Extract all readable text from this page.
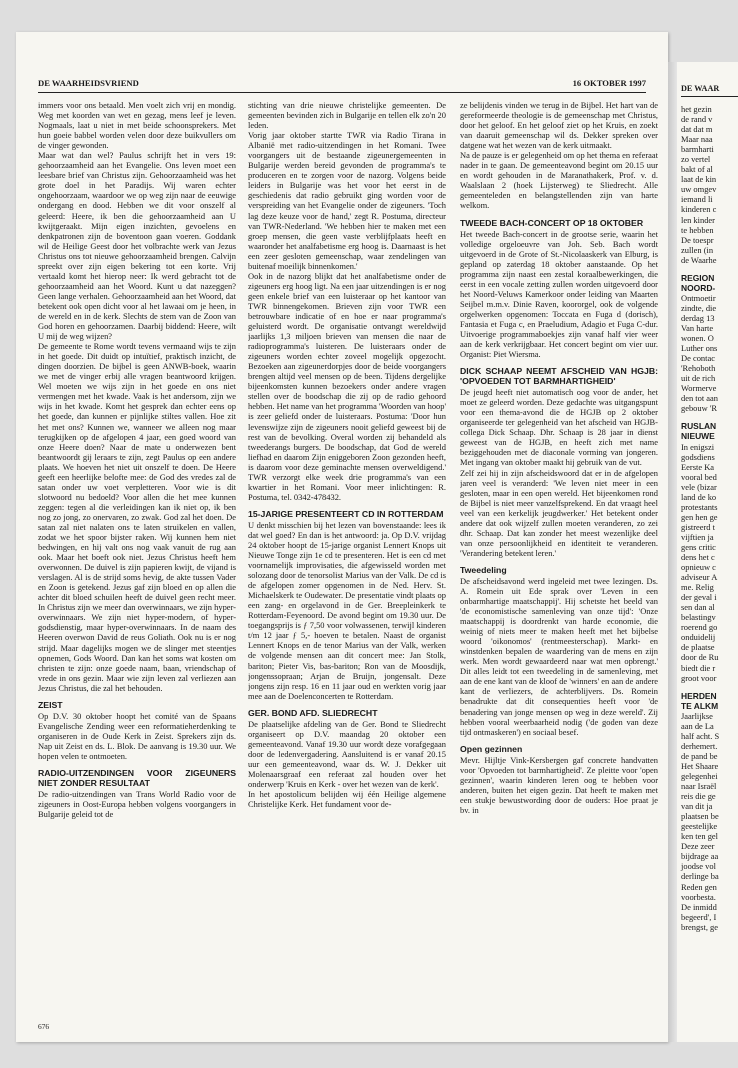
DE WAARHEIDSVRIEND	16 OKTOBER 1997

immers voor ons betaald. Men voelt zich vrij en mondig. Weg met koorden van wet en gezag, mens leef je leven. Nogmaals, laat u niet in met beide schoonsprekers. Met hun goeie babbel worden velen door deze buikvullers om de vinger gewonden.

Maar wat dan wel? Paulus schrijft het in vers 19: gehoorzaamheid aan het Evangelie. Ons leven moet een leesbare brief van Christus zijn. Gehoorzaamheid was het grote doel in het Paradijs. Wij waren echter ongehoorzaam, waardoor we op weg zijn naar de eeuwige ondergang en dood. Hebben we dit voor onszelf al geleerd: Heere, ik ben die gehoorzaamheid aan U kwijtgeraakt. Mijn eigen inzichten, gevoelens en denkpatronen zijn de boventoon gaan voeren. Goddank wil de Heilige Geest door het volbrachte werk van Jezus Christus ons tot nieuwe gehoorzaamheid brengen. Calvijn spreekt over zijn eigen bekering tot een korte. Vrij vertaald komt het hierop neer: Ik werd gebracht tot de gehoorzaamheid aan het Woord. Kunt u dat nazeggen? Geen lange verhalen. Gehoorzaamheid aan het Woord, dat betekent ook open dicht voor al het lawaai om je heen, in de wereld en in de kerk. Slechts de stem van de Zoon van God horen en gehoorzamen. Daarbij biddend: Heere, wilt U mij de weg wijzen?

De gemeente te Rome wordt tevens vermaand wijs te zijn in het goede. Dit duidt op intuïtief, praktisch inzicht, de dingen doorzien. De bijbel is geen ANWB-boek, waarin we met de vinger erbij alle vragen beantwoord krijgen. Wel moeten we wijs zijn in het goede en ons niet vermengen met het kwade. Vaak is het andersom, zijn we wijs in het kwade. Komt het gesprek dan echter eens op het goede, dan kunnen er pijnlijke stiltes vallen. Hoe zit het met ons? Kunnen we, wanneer we alleen nog maar terugkijken op de afgelopen 4 jaar, een goed woord van onze Heere doen? Naar de mate u onderwezen bent beantwoordt gij leraars te zijn, zegt Paulus op een andere plaats. We hoeven het niet uit onszelf te doen. De Heere geeft een heerlijke belofte mee: de God des vredes zal de satan onder uw voet verpletteren. Voor wie is dit slotwoord nu bedoeld? Voor allen die het mee kunnen zeggen: tegen al die verleidingen kan ik niet op, ik ben nog zo jong, zo onervaren, zo zwak. God zal het doen. De satan zal niet nalaten ons te laten struikelen en vallen, zodat we het spoor bijster raken. Wij kunnen hem niet bedwingen, en hij valt ons nog vaak vanuit de rug aan ook. Maar het boeft ook niet. Jezus Christus heeft hem overwonnen. De duivel is zijn papieren kwijt, de vijand is verslagen. Al is de strijd soms hevig, de akte tussen Vader en Zoon is getekend. Jezus gaf zijn bloed en op allen die achter dit bloed schuilen heeft de duivel geen recht meer. In Christus zijn we meer dan overwinnaars, we zijn hyper-overwinnaars. We zijn niet hyper-modern, of hyper-godsdienstig, maar hyper-overwinnaars. In de naam des Heeren overwon David de reus Goliath. Ook nu is er nog strijd. Maar dagelijks mogen we de slinger met steentjes opnemen, Gods Woord. Dan kan het soms wat kosten om christen te zijn: onze goede naam, baan, vriendschap of vrede in ons gezin. Maar wie zijn leven zal verliezen aan Jezus Christus, die zal het behouden.

ZEIST

Op D.V. 30 oktober hoopt het comité van de Spaans Evangelische Zending weer een reformatieherdenking te organiseren in de Oude Kerk in Zeist. Sprekers zijn ds. Nap uit Zeist en ds. L. Blok. De aanvang is 19.30 uur. We hopen velen te ontmoeten.

RADIO-UITZENDINGEN VOOR ZIGEUNERS NIET ZONDER RESULTAAT

De radio-uitzendingen van Trans World Radio voor de zigeuners in Oost-Europa hebben volgens voorgangers in Bulgarije geleid tot de

stichting van drie nieuwe christelijke gemeenten. De gemeenten bevinden zich in Bulgarije en tellen elk zo'n 20 leden.

Vorig jaar oktober startte TWR via Radio Tirana in Albanië met radio-uitzendingen in het Romani. Twee voorgangers uit de bestaande zigeunergemeenten in Bulgarije werden bereid gevonden de programma's te produceren en te zorgen voor de nazorg. Volgens beide leiders in Bulgarije was het voor het eerst in de geschiedenis dat radio gebruikt ging worden voor de verspreiding van het Evangelie onder de zigeuners. 'Toch lag deze keuze voor de hand,' zegt R. Postuma, directeur van TWR-Nederland. 'We hebben hier te maken met een groep mensen, die geen vaste verblijfplaats heeft en waaronder het analfabetisme erg hoog is. Daarnaast is het een zeer gesloten gemeenschap, waar zendelingen van buitenaf moeilijk binnenkomen.'

Ook in de nazorg blijkt dat het analfabetisme onder de zigeuners erg hoog ligt. Na een jaar uitzendingen is er nog geen enkele brief van een luisteraar op het kantoor van TWR binnengekomen. Brieven zijn voor TWR een betrouwbare indicatie of en hoe er naar programma's geluisterd wordt. De organisatie ontvangt wereldwijd jaarlijks 1,3 miljoen brieven van mensen die naar de radioprogramma's luisteren. De luisteraars onder de zigeuners worden echter zoveel mogelijk opgezocht. Bezoeken aan zigeunerdorpjes door de beide voorgangers brengen altijd veel mensen op de been. Tijdens dergelijke bijeenkomsten kunnen bezoekers onder andere vragen stellen over de boodschap die zij op de radio gehoord hebben. Het name van het programma 'Woorden van hoop' is zeer geliefd onder de luisteraars. Postuma: 'Door hun levenswijze zijn de zigeuners nooit geliefd geweest bij de rest van de bevolking. Overal worden zij behandeld als tweederangs burgers. De boodschap, dat God de wereld liefhad en daarom Zijn eniggeboren Zoon gezonden heeft, is daarom voor deze geminachte mensen overweldigend.' TWR verzorgt elke week drie programma's van een kwartier in het Romani. Voor meer inlichtingen: R. Postuma, tel. 0342-478432.

15-JARIGE PRESENTEERT CD IN ROTTERDAM

U denkt misschien bij het lezen van bovenstaande: lees ik dat wel goed? En dan is het antwoord: ja. Op D.V. vrijdag 24 oktober hoopt de 15-jarige organist Lennert Knops uit Nieuwe Tonge zijn 1e cd te presenteren. Het is een cd met voornamelijk improvisaties, die afgewisseld worden met solozang door de tenorsolist Marius van der Valk. De cd is de afgelopen zomer opgenomen in de Ned. Herv. St. Michaelskerk te Oudewater. De presentatie vindt plaats op een zang- en orgelavond in de Ger. Breepleinkerk te Rotterdam-Feyenoord. De avond begint om 19.30 uur. De toegangsprijs is ƒ 7,50 voor volwassenen, terwijl kinderen t/m 12 jaar ƒ 5,- hoeven te betalen. Naast de organist Lennert Knops en de tenor Marius van der Valk, werken de volgende mensen aan dit concert mee: Jan Stolk, bariton; Pieter Vis, bas-bariton; Ron van de Moosdijk, jongenssopraan; Arjan de Bruijn, jongensalt. Deze jongens zijn resp. 16 en 11 jaar oud en werkten vorig jaar mee aan de Doelenconcerten te Rotterdam.

GER. BOND AFD. SLIEDRECHT

De plaatselijke afdeling van de Ger. Bond te Sliedrecht organiseert op D.V. maandag 20 oktober een gemeenteavond. Vanaf 19.30 uur wordt deze vorafgegaan door de ledenvergadering. Aansluitend is er vanaf 20.15 uur een gemeenteavond, waar ds. W. J. Dekker uit Molenaarsgraaf een referaat zal houden over het onderwerp 'Kruis en Kerk - over het wezen van de kerk'.

In het apostolicum belijden wij één Heilige algemene Christelijke Kerk. Het fundament voor de-

ze belijdenis vinden we terug in de Bijbel. Het hart van de gereformeerde theologie is de gemeenschap met Christus, door het geloof. En het geloof ziet op het Kruis, en zoekt van daaruit gemeenschap wil ds. Dekker spreken over datgene wat het wezen van de kerk uitmaakt.

Na de pauze is er gelegenheid om op het thema en referaat nader in te gaan. De gemeenteavond begint om 20.15 uur en wordt gehouden in de Maranathakerk, Prof. v. d. Waalslaan 2 (hoek Lijsterweg) te Sliedrecht. Alle gemeenteleden en belangstellenden zijn van harte welkom.

TWEEDE BACH-CONCERT OP 18 OKTOBER

Het tweede Bach-concert in de grootse serie, waarin het volledige orgeloeuvre van Joh. Seb. Bach wordt uitgevoerd in de Grote of St.-Nicolaaskerk van Elburg, is gepland op zaterdag 18 oktober aanstaande. Op het programma zijn naast een zestal koraalbewerkingen, die eerst in een vocale zetting zullen worden uitgevoerd door het Noord-Veluws Kamerkoor onder leiding van Maarten Seijbel m.m.v. Dinie Raven, koororgel, ook de volgende orgelwerken opgenomen: Toccata en Fuga d (dorisch), Fantasia et Fuga c, en Praeludium, Adagio et Fuga C-dur. Uitvoerige programmaboekjes zijn vanaf half vier weer aan de kerk verkrijgbaar. Het concert begint om vier uur. Organist: Piet Wiersma.

DICK SCHAAP NEEMT AFSCHEID VAN HGJB: 'OPVOEDEN TOT BARMHARTIGHEID'

De jeugd heeft niet automatisch oog voor de ander, het moet ze geleerd worden. Deze gedachte was uitgangspunt voor een thema-avond die de HGJB op 2 oktober organiseerde ter gelegenheid van het afscheid van HGJB-collega Dick Schaap. Dhr. Schaap is 28 jaar in dienst geweest van de HGJB, en heeft zich met name beziggehouden met de diaconale vorming van jongeren. Met ingang van oktober maakt hij gebruik van de vut.

Zelf zei hij in zijn afscheidswoord dat er in de afgelopen jaren veel is veranderd: 'We leven niet meer in een gesloten, maar in een open wereld. Het bijeenkomen rond de Bijbel is niet meer vanzelfsprekend. En dat vraagt heel veel van een kerkelijk jeugdwerker.' Het betekent onder andere dat ook wijzelf zullen moeten veranderen, zo zei dhr. Schaap. Dat kan zonder het meest wezenlijke deel van onze persoonlijkheid en identiteit te veranderen. 'Verandering betekent leren.'

Tweedeling

De afscheidsavond werd ingeleid met twee lezingen. Ds. A. Romein uit Ede sprak over 'Leven in een onbarmhartige maatschappij'. Hij schetste het beeld van 'de economistische samenleving van onze tijd': 'Onze maatschappij is doordrenkt van harde economie, die weinig of niets meer te maken heeft met het bijbelse woord 'oikonomos' (rentmeesterschap). Markt- en winstdenken bepalen de waardering van de mens en zijn werk. Men wordt gewaardeerd naar wat men opbrengt.' Dit alles leidt tot een tweedeling in de samenleving, met aan de ene kant van de kloof de 'winners' en aan de andere kant de verliezers, de achterblijvers. Ds. Romein benadrukte dat dit consequenties heeft voor 'de benadering van jonge mensen op weg in deze wereld'. Zij hebben vooral weerbaarheid nodig ('de goden van deze tijd ontmaskeren') en sociaal besef.

Open gezinnen

Mevr. Hijltje Vink-Kersbergen gaf concrete handvatten voor 'Opvoeden tot barmhartigheid'. Ze pleitte voor 'open gezinnen', waarin kinderen leren oog te hebben voor anderen, buiten het eigen gezin. Dat heeft te maken met een stukje bewustwording door de ouders: Hoe praat je bv. in

676
DE WAAR
het gezin
de rand v
dat dat m
Maar naa
barmharti
zo vertel
bakt of al
laat de kin
uw omgev
iemand li
kinderen c
len kinder
te hebben
De toespr
zullen (in
de Waarhe
REGION
NOORD-
Ontmoetir
zindte, die
derdag 13
Van harte
wonen. O
Luther ons
De contac
'Rehoboth
uit de rich
Wormerve
den tot aan
gebouw 'R
RUSLAN
NIEUWE
In enigszi
godsdiens
Eerste Ka
vooral bed
vele (bizar
land de ko
protestants
gen hen ge
gistreerd t
vijftien ja
gens critic
dens het c
opnieuw c
adviseur A
me. Relig
der geval i
sen dan al
belastingv
roerend go
onduidelij
de plaatse
door de Ru
biedt die r
groot voor
HERDEN
TE ALKM
Jaarlijkse
aan de La
half acht. S
derhemert.
de pand be
Het Shaare
gelegenhei
naar Israël
reis die ge
van dit ja
plaatsen be
geestelijke
ken ten gel
Deze zeer
bijdrage aa
joodse vol
derlinge ba
Reden gen
voorbesta.
De inmidd
begeerd', I
brengst, ge
